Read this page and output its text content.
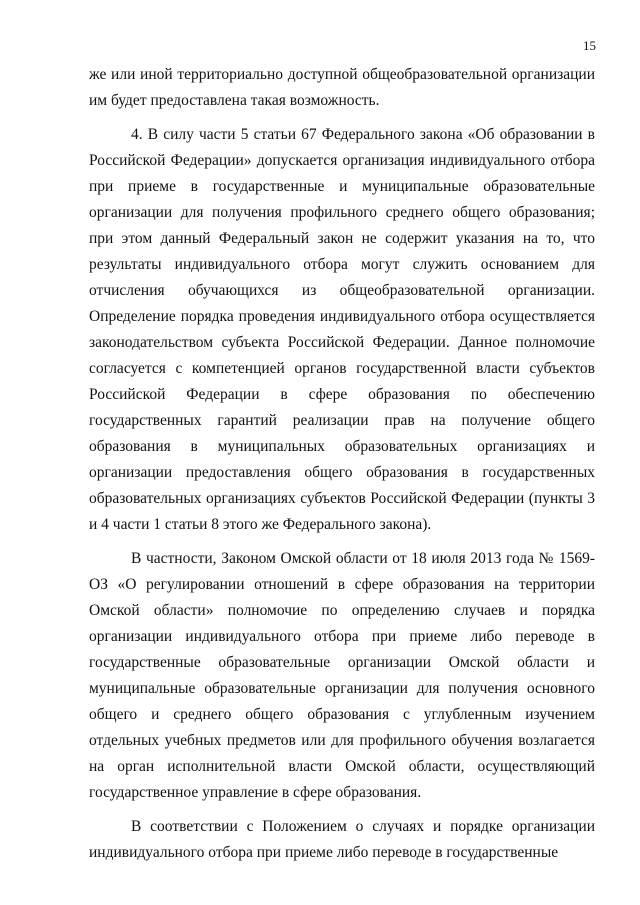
15

же или иной территориально доступной общеобразовательной организации им будет предоставлена такая возможность.

4. В силу части 5 статьи 67 Федерального закона «Об образовании в Российской Федерации» допускается организация индивидуального отбора при приеме в государственные и муниципальные образовательные организации для получения профильного среднего общего образования; при этом данный Федеральный закон не содержит указания на то, что результаты индивидуального отбора могут служить основанием для отчисления обучающихся из общеобразовательной организации. Определение порядка проведения индивидуального отбора осуществляется законодательством субъекта Российской Федерации. Данное полномочие согласуется с компетенцией органов государственной власти субъектов Российской Федерации в сфере образования по обеспечению государственных гарантий реализации прав на получение общего образования в муниципальных образовательных организациях и организации предоставления общего образования в государственных образовательных организациях субъектов Российской Федерации (пункты 3 и 4 части 1 статьи 8 этого же Федерального закона).

В частности, Законом Омской области от 18 июля 2013 года № 1569-ОЗ «О регулировании отношений в сфере образования на территории Омской области» полномочие по определению случаев и порядка организации индивидуального отбора при приеме либо переводе в государственные образовательные организации Омской области и муниципальные образовательные организации для получения основного общего и среднего общего образования с углубленным изучением отдельных учебных предметов или для профильного обучения возлагается на орган исполнительной власти Омской области, осуществляющий государственное управление в сфере образования.

В соответствии с Положением о случаях и порядке организации индивидуального отбора при приеме либо переводе в государственные
